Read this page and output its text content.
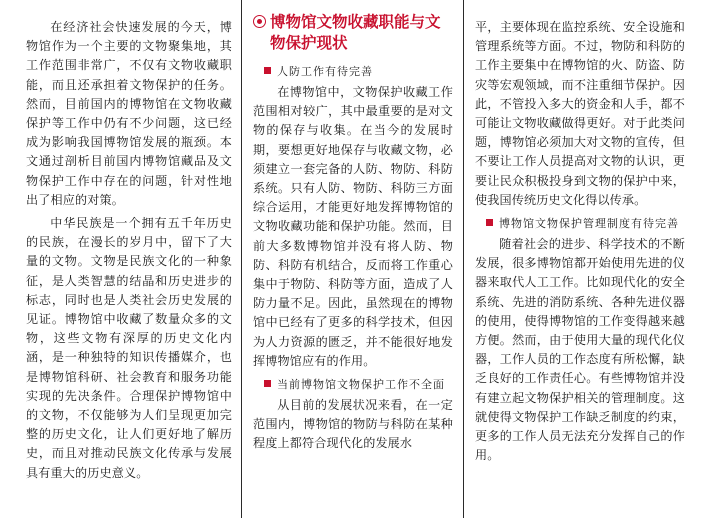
在经济社会快速发展的今天，博物馆作为一个主要的文物聚集地，其工作范围非常广，不仅有文物收藏职能，而且还承担着文物保护的任务。然而，目前国内的博物馆在文物收藏保护等工作中仍有不少问题，这已经成为影响我国博物馆发展的瓶颈。本文通过剖析目前国内博物馆藏品及文物保护工作中存在的问题，针对性地出了相应的对策。

中华民族是一个拥有五千年历史的民族，在漫长的岁月中，留下了大量的文物。文物是民族文化的一种象征，是人类智慧的结晶和历史进步的标志，同时也是人类社会历史发展的见证。博物馆中收藏了数量众多的文物，这些文物有深厚的历史文化内涵，是一种独特的知识传播媒介，也是博物馆科研、社会教育和服务功能实现的先决条件。合理保护博物馆中的文物，不仅能够为人们呈现更加完整的历史文化，让人们更好地了解历史，而且对推动民族文化传承与发展具有重大的历史意义。

博物馆文物收藏职能与文物保护现状
人防工作有待完善

在博物馆中，文物保护收藏工作范围相对较广，其中最重要的是对文物的保存与收集。在当今的发展时期，要想更好地保存与收藏文物，必须建立一套完备的人防、物防、科防系统。只有人防、物防、科防三方面综合运用，才能更好地发挥博物馆的文物收藏功能和保护功能。然而，目前大多数博物馆并没有将人防、物防、科防有机结合，反而将工作重心集中于物防、科防等方面，造成了人防力量不足。因此，虽然现在的博物馆中已经有了更多的科学技术，但因为人力资源的匮乏，并不能很好地发挥博物馆应有的作用。

当前博物馆文物保护工作不全面

从目前的发展状况来看，在一定范围内，博物馆的物防与科防在某种程度上都符合现代化的发展水

平，主要体现在监控系统、安全设施和管理系统等方面。不过，物防和科防的工作主要集中在博物馆的火、防盗、防灾等宏观领域，而不注重细节保护。因此，不管投入多大的资金和人手，都不可能让文物收藏做得更好。对于此类问题，博物馆必须加大对文物的宣传，但不要让工作人员提高对文物的认识，更要让民众积极投身到文物的保护中来，使我国传统历史文化得以传承。

博物馆文物保护管理制度有待完善

随着社会的进步、科学技术的不断发展，很多博物馆都开始使用先进的仪器来取代人工工作。比如现代化的安全系统、先进的消防系统、各种先进仪器的使用，使得博物馆的工作变得越来越方便。然而，由于使用大量的现代化仪器，工作人员的工作态度有所松懈，缺乏良好的工作责任心。有些博物馆并没有建立起文物保护相关的管理制度。这就使得文物保护工作缺乏制度的约束，更多的工作人员无法充分发挥自己的作用。
